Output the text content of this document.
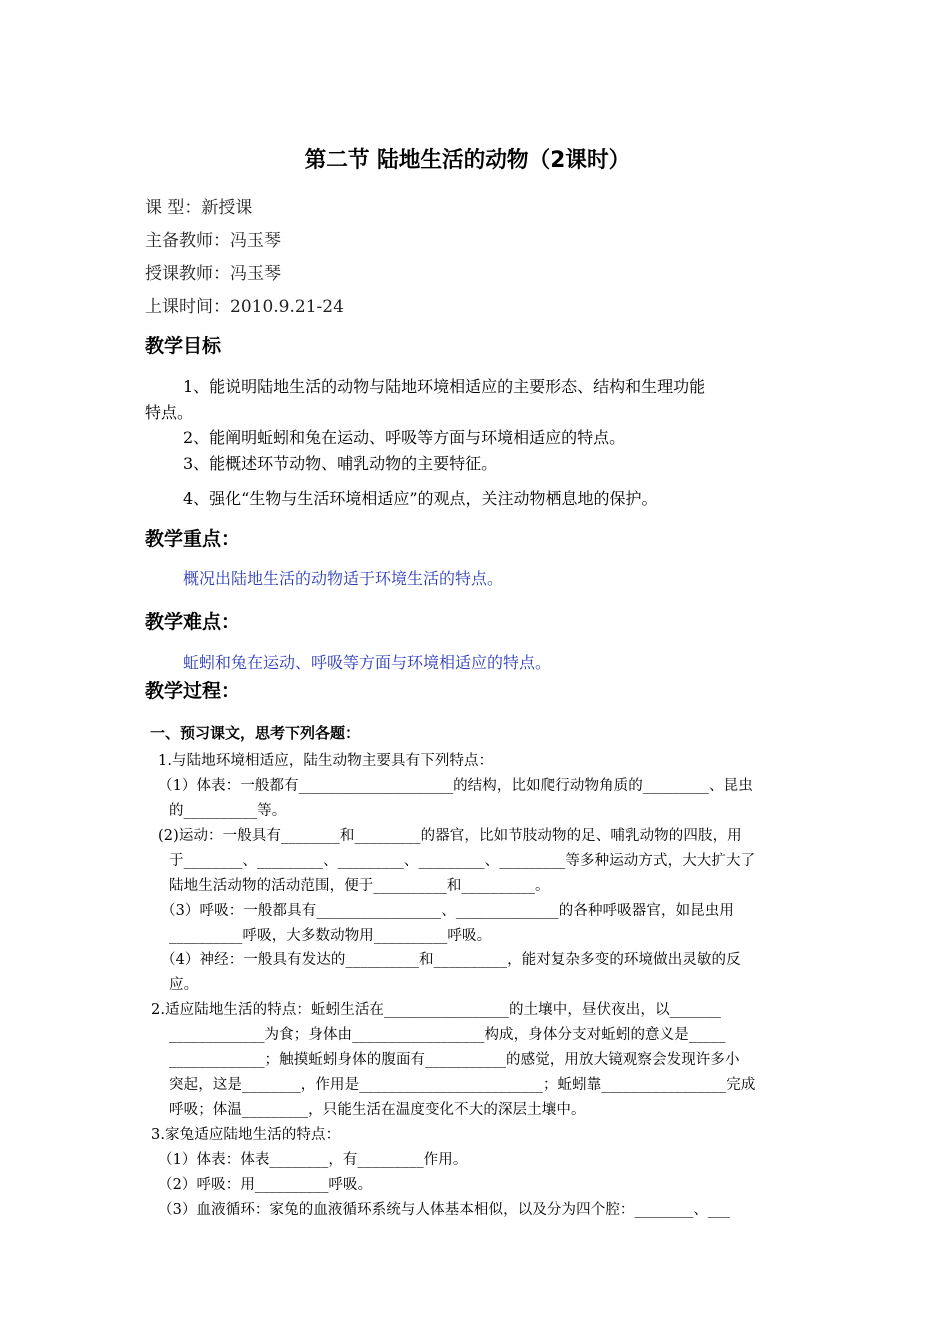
第二节 陆地生活的动物（2课时）
课 型：新授课
主备教师：冯玉琴
授课教师：冯玉琴
上课时间：2010.9.21-24
教学目标
1、能说明陆地生活的动物与陆地环境相适应的主要形态、结构和生理功能
特点。
2、能阐明蚯蚓和兔在运动、呼吸等方面与环境相适应的特点。
3、能概述环节动物、哺乳动物的主要特征。
4、强化“生物与生活环境相适应”的观点，关注动物栖息地的保护。
教学重点：
概况出陆地生活的动物适于环境生活的特点。
教学难点：
蚯蚓和兔在运动、呼吸等方面与环境相适应的特点。
教学过程：
一、预习课文，思考下列各题：
1.与陆地环境相适应，陆生动物主要具有下列特点：
（1）体表：一般都有_____________________的结构，比如爬行动物角质的_________、昆虫
的__________等。
(2)运动：一般具有________和_________的器官，比如节肢动物的足、哺乳动物的四肢，用
于________、_________、_________、_________、_________等多种运动方式，大大扩大了
陆地生活动物的活动范围，便于__________和__________。
（3）呼吸：一般都具有_________________、______________的各种呼吸器官，如昆虫用
__________呼吸，大多数动物用__________呼吸。
（4）神经：一般具有发达的__________和__________，能对复杂多变的环境做出灵敏的反
应。
2.适应陆地生活的特点：蚯蚓生活在_________________的土壤中，昼伏夜出，以_______
_____________为食；身体由__________________构成，身体分支对蚯蚓的意义是_____
_____________；触摸蚯蚓身体的腹面有___________的感觉，用放大镜观察会发现许多小
突起，这是________，作用是_________________________；蚯蚓靠_________________完成
呼吸；体温_________，只能生活在温度变化不大的深层土壤中。
3.家兔适应陆地生活的特点：
（1）体表：体表________，有_________作用。
（2）呼吸：用__________呼吸。
（3）血液循环：家兔的血液循环系统与人体基本相似，以及分为四个腔：________、___
